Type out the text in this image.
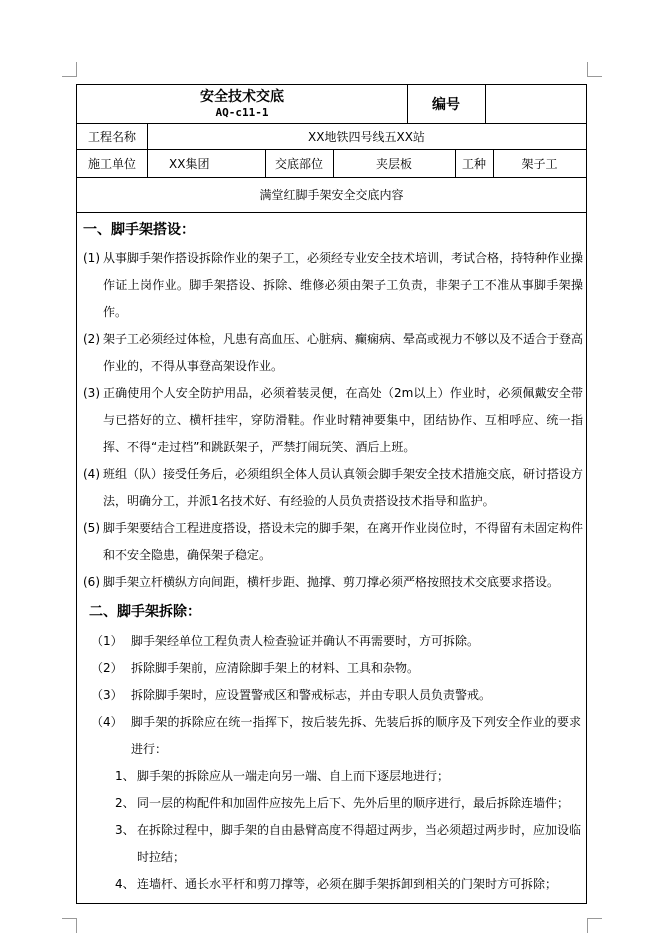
安全技术交底
AQ-c11-1	编号
工程名称	XX地铁四号线五XX站
施工单位	XX集团	交底部位	夹层板	工种	架子工
满堂红脚手架安全交底内容
一、脚手架搭设：
(1) 从事脚手架作搭设拆除作业的架子工，必须经专业安全技术培训，考试合格，持特种作业操作证上岗作业。脚手架搭设、拆除、维修必须由架子工负责，非架子工不准从事脚手架操作。
(2) 架子工必须经过体检，凡患有高血压、心脏病、癫痫病、晕高或视力不够以及不适合于登高作业的，不得从事登高架设作业。
(3) 正确使用个人安全防护用品，必须着装灵便，在高处（2m以上）作业时，必须佩戴安全带与已搭好的立、横杆挂牢，穿防滑鞋。作业时精神要集中，团结协作、互相呼应、统一指挥、不得“走过档”和跳跃架子，严禁打闹玩笑、酒后上班。
(4) 班组（队）接受任务后，必须组织全体人员认真领会脚手架安全技术措施交底，研讨搭设方法，明确分工，并派1名技术好、有经验的人员负责搭设技术指导和监护。
(5) 脚手架要结合工程进度搭设，搭设未完的脚手架，在离开作业岗位时，不得留有未固定构件和不安全隐患，确保架子稳定。
(6) 脚手架立杆横纵方向间距，横杆步距、抛撑、剪刀撑必须严格按照技术交底要求搭设。
二、脚手架拆除：
（1） 脚手架经单位工程负责人检查验证并确认不再需要时，方可拆除。
（2） 拆除脚手架前，应清除脚手架上的材料、工具和杂物。
（3） 拆除脚手架时，应设置警戒区和警戒标志，并由专职人员负责警戒。
（4） 脚手架的拆除应在统一指挥下，按后装先拆、先装后拆的顺序及下列安全作业的要求进行：
1、 脚手架的拆除应从一端走向另一端、自上而下逐层地进行；
2、 同一层的构配件和加固件应按先上后下、先外后里的顺序进行，最后拆除连墙件；
3、 在拆除过程中，脚手架的自由悬臂高度不得超过两步，当必须超过两步时，应加设临时拉结；
4、 连墙杆、通长水平杆和剪刀撑等，必须在脚手架拆卸到相关的门架时方可拆除；
